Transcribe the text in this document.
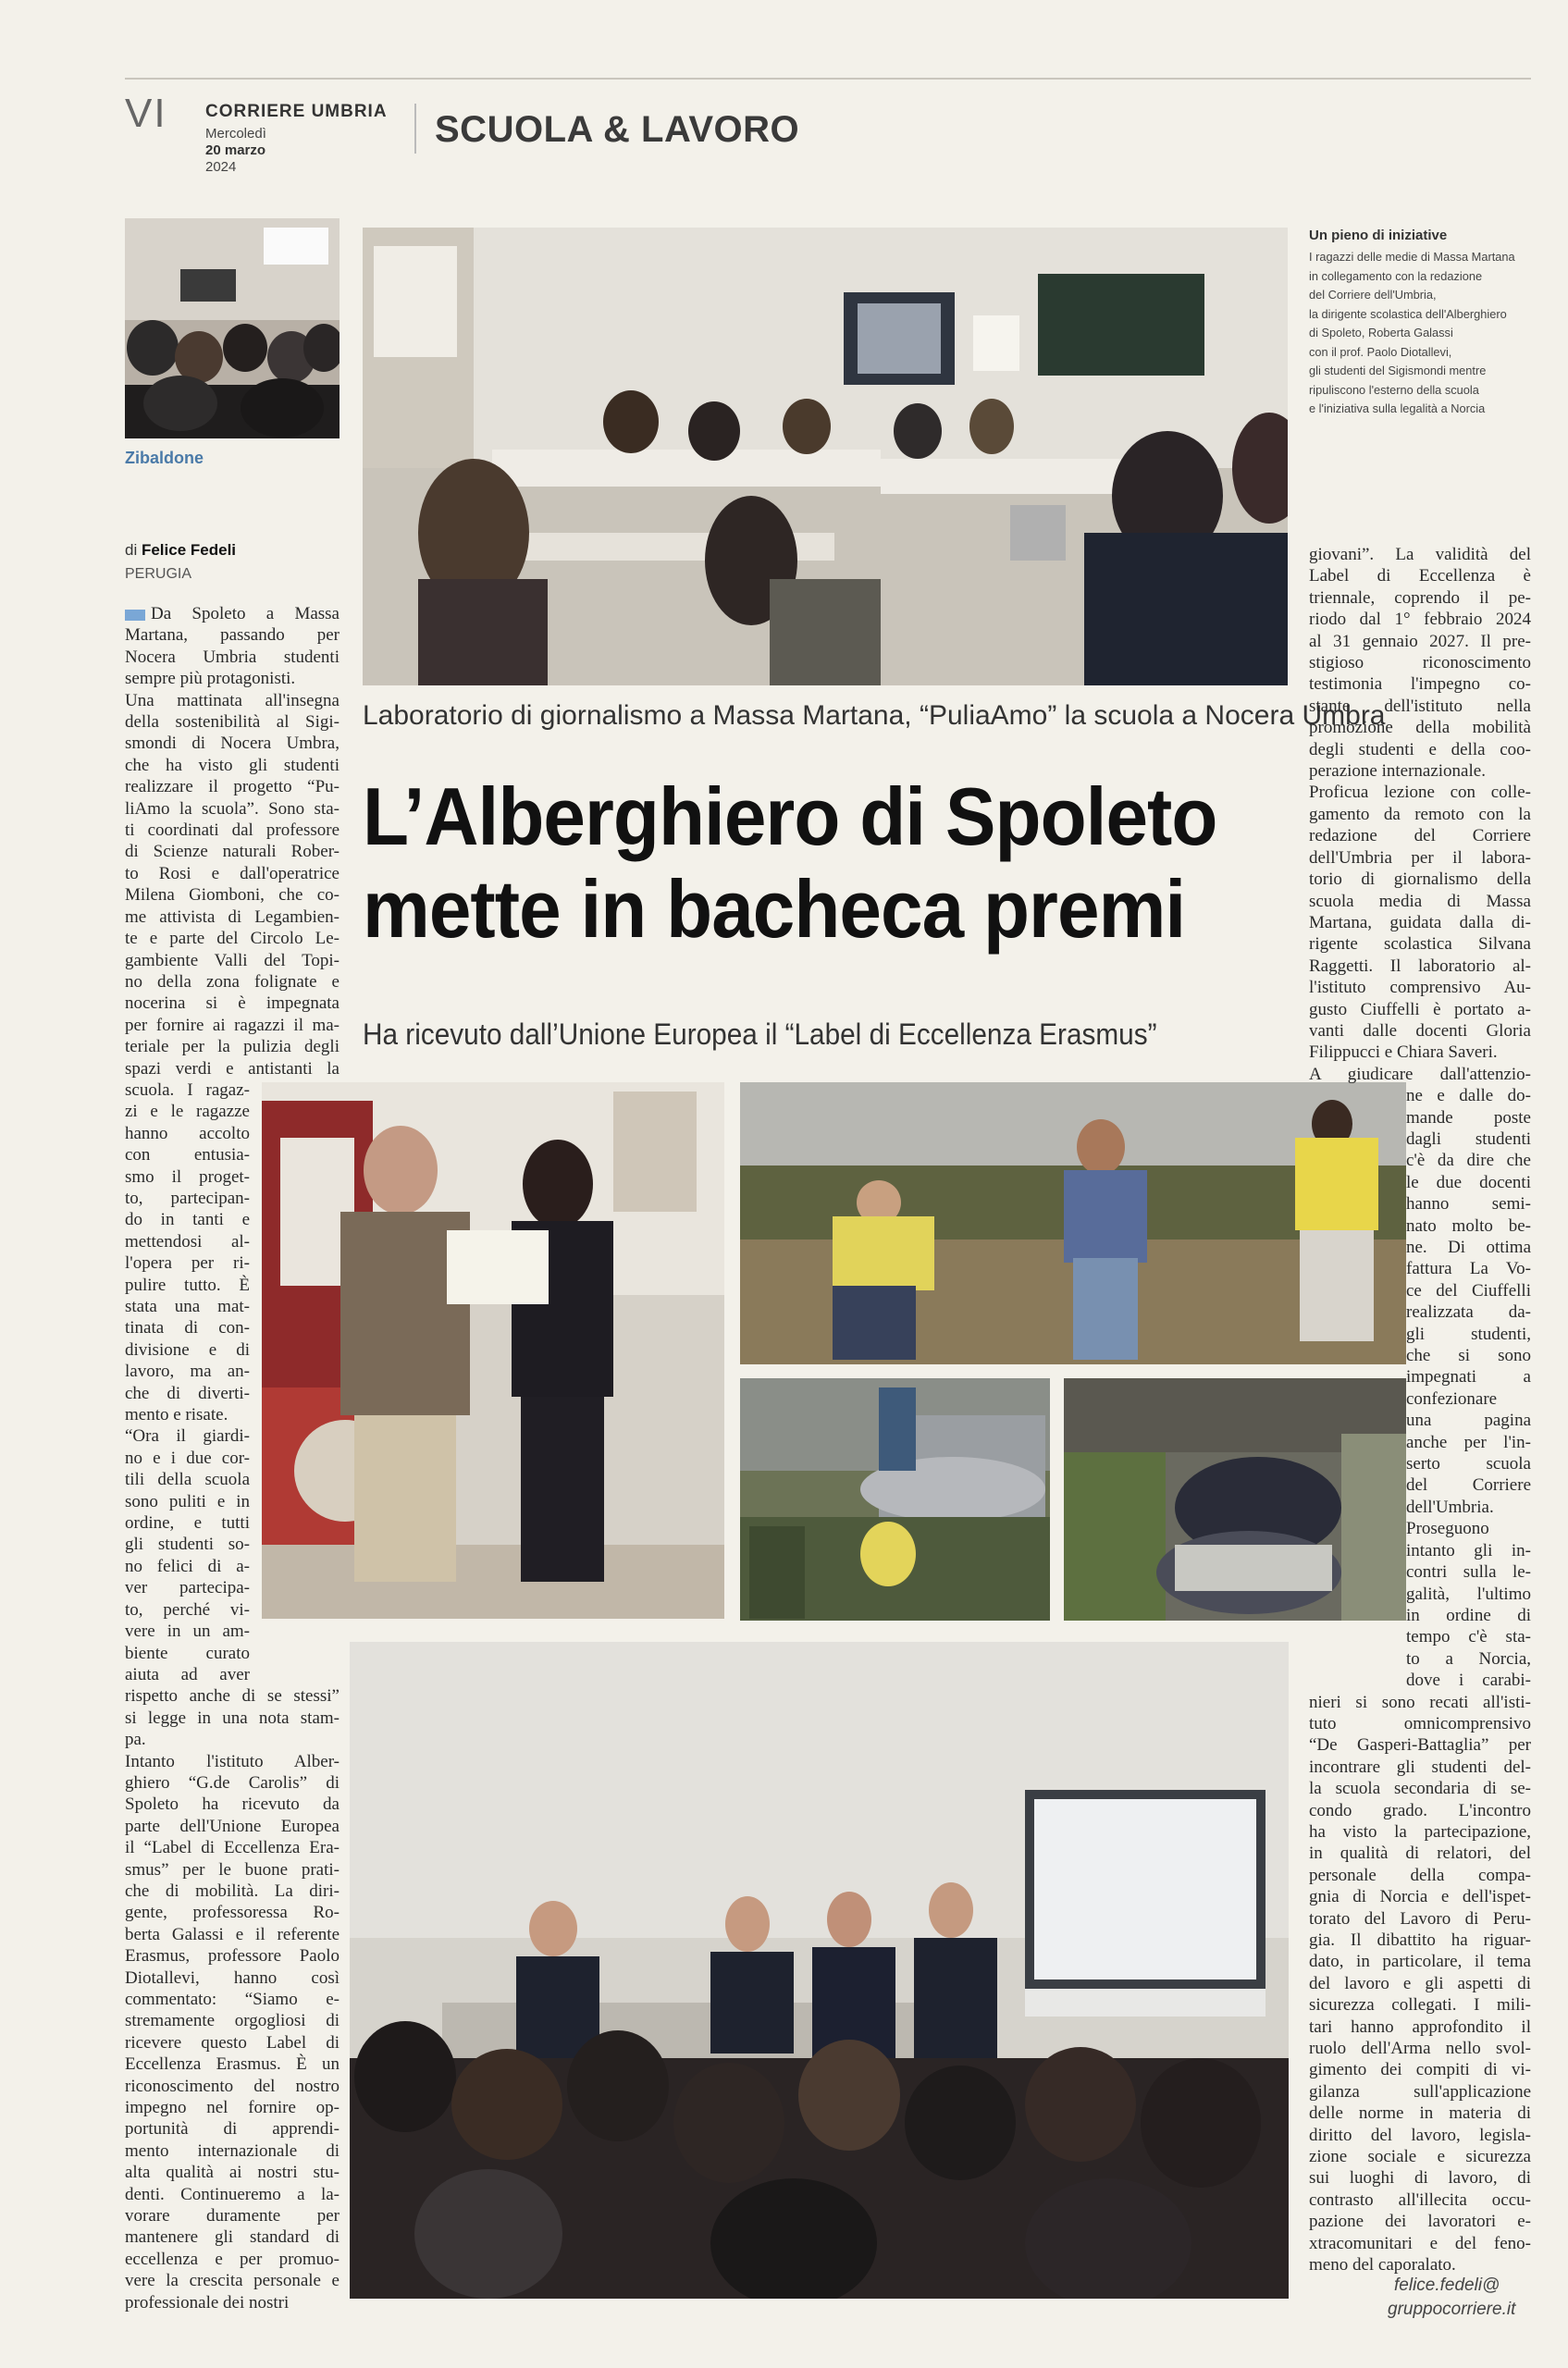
VI CORRIERE UMBRIA
Mercoledì
20 marzo
2024
SCUOLA & LAVORO
Zibaldone
Un pieno di iniziative
I ragazzi delle medie di Massa Martana
in collegamento con la redazione
del Corriere dell'Umbria,
la dirigente scolastica dell'Alberghiero
di Spoleto, Roberta Galassi
con il prof. Paolo Diotallevi,
gli studenti del Sigismondi mentre
ripuliscono l'esterno della scuola
e l'iniziativa sulla legalità a Norcia
di Felice Fedeli
PERUGIA
Laboratorio di giornalismo a Massa Martana, “PuliaAmo” la scuola a Nocera Umbra
L’Alberghiero di Spoleto
mette in bacheca premi
Ha ricevuto dall’Unione Europea il “Label di Eccellenza Erasmus”
Da Spoleto a Massa
Martana, passando per
Nocera Umbria studenti
sempre più protagonisti.
Una mattinata all'insegna
della sostenibilità al Sigi-
smondi di Nocera Umbra,
che ha visto gli studenti
realizzare il progetto “Pu-
liAmo la scuola”. Sono sta-
ti coordinati dal professore
di Scienze naturali Rober-
to Rosi e dall'operatrice
Milena Giomboni, che co-
me attivista di Legambien-
te e parte del Circolo Le-
gambiente Valli del Topi-
no della zona folignate e
nocerina si è impegnata
per fornire ai ragazzi il ma-
teriale per la pulizia degli
spazi verdi e antistanti la
scuola. I ragaz-
zi e le ragazze
hanno accolto
con entusia-
smo il proget-
to, partecipan-
do in tanti e
mettendosi al-
l'opera per ri-
pulire tutto. È
stata una mat-
tinata di con-
divisione e di
lavoro, ma an-
che di diverti-
mento e risate.
“Ora il giardi-
no e i due cor-
tili della scuola
sono puliti e in
ordine, e tutti
gli studenti so-
no felici di a-
ver partecipa-
to, perché vi-
vere in un am-
biente curato
aiuta ad aver
rispetto anche di se stessi”
si legge in una nota stam-
pa.
Intanto l'istituto Alber-
ghiero “G.de Carolis” di
Spoleto ha ricevuto da
parte dell'Unione Europea
il “Label di Eccellenza Era-
smus” per le buone prati-
che di mobilità. La diri-
gente, professoressa Ro-
berta Galassi e il referente
Erasmus, professore Paolo
Diotallevi, hanno così
commentato: “Siamo e-
stremamente orgogliosi di
ricevere questo Label di
Eccellenza Erasmus. È un
riconoscimento del nostro
impegno nel fornire op-
portunità di apprendi-
mento internazionale di
alta qualità ai nostri stu-
denti. Continueremo a la-
vorare duramente per
mantenere gli standard di
eccellenza e per promuo-
vere la crescita personale e
professionale dei nostri
giovani”. La validità del
Label di Eccellenza è
triennale, coprendo il pe-
riodo dal 1° febbraio 2024
al 31 gennaio 2027. Il pre-
stigioso riconoscimento
testimonia l'impegno co-
stante dell'istituto nella
promozione della mobilità
degli studenti e della coo-
perazione internazionale.
Proficua lezione con colle-
gamento da remoto con la
redazione del Corriere
dell'Umbria per il labora-
torio di giornalismo della
scuola media di Massa
Martana, guidata dalla di-
rigente scolastica Silvana
Raggetti. Il laboratorio al-
l'istituto comprensivo Au-
gusto Ciuffelli è portato a-
vanti dalle docenti Gloria
Filippucci e Chiara Saveri.
A giudicare dall'attenzio-
ne e dalle do-
mande poste
dagli studenti
c'è da dire che
le due docenti
hanno semi-
nato molto be-
ne. Di ottima
fattura La Vo-
ce del Ciuffelli
realizzata da-
gli studenti,
che si sono
impegnati a
confezionare
una pagina
anche per l'in-
serto scuola
del Corriere
dell'Umbria.
Proseguono
intanto gli in-
contri sulla le-
galità, l'ultimo
in ordine di
tempo c'è sta-
to a Norcia,
dove i carabi-
nieri si sono recati all'isti-
tuto omnicomprensivo
“De Gasperi-Battaglia” per
incontrare gli studenti del-
la scuola secondaria di se-
condo grado. L'incontro
ha visto la partecipazione,
in qualità di relatori, del
personale della compa-
gnia di Norcia e dell'ispet-
torato del Lavoro di Peru-
gia. Il dibattito ha riguar-
dato, in particolare, il tema
del lavoro e gli aspetti di
sicurezza collegati. I mili-
tari hanno approfondito il
ruolo dell'Arma nello svol-
gimento dei compiti di vi-
gilanza sull'applicazione
delle norme in materia di
diritto del lavoro, legisla-
zione sociale e sicurezza
sui luoghi di lavoro, di
contrasto all'illecita occu-
pazione dei lavoratori e-
xtracomunitari e del feno-
meno del caporalato.
felice.fedeli@
gruppocorriere.it
